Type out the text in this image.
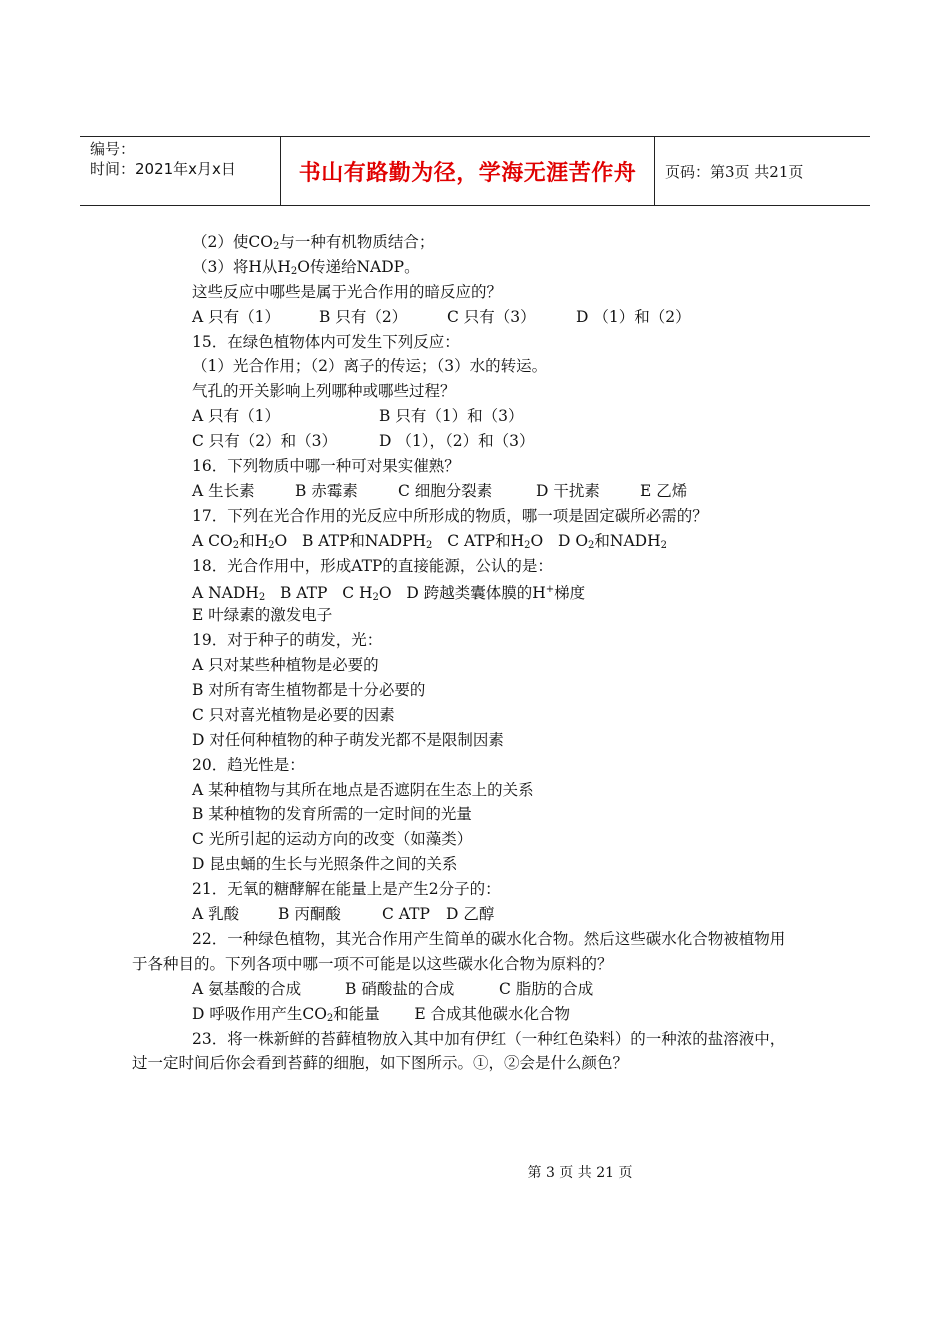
编号：
时间：2021年x月x日	书山有路勤为径，学海无涯苦作舟 页码：第3页 共21页
（2）使$CO_2$与一种有机物质结合；
（3）将H从$H_2O$传递给NADP。
这些反应中哪些是属于光合作用的暗反应的？
A 只有（1）	B 只有（2）	C 只有（3）	D （1）和（2）
15．在绿色植物体内可发生下列反应：
（1）光合作用；（2）离子的传运；（3）水的转运。
气孔的开关影响上列哪种或哪些过程？
A 只有（1）	B 只有（1）和（3）
C 只有（2）和（3）	D （1），（2）和（3）
16．下列物质中哪一种可对果实催熟？
A 生长素	B 赤霉素	C 细胞分裂素	D 干扰素	E 乙烯
17．下列在光合作用的光反应中所形成的物质，哪一项是固定碳所必需的？
A $CO_2$和$H_2O$ B ATP和$NADPH_2$ C ATP和$H_2O$ D $O_2$和$NADH_2$
18．光合作用中，形成ATP的直接能源，公认的是：
A $NADH_2$ B ATP C $H_2O$ D 跨越类囊体膜的H+梯度
E 叶绿素的激发电子
19．对于种子的萌发，光：
A 只对某些种植物是必要的
B 对所有寄生植物都是十分必要的
C 只对喜光植物是必要的因素
D 对任何种植物的种子萌发光都不是限制因素
20．趋光性是：
A 某种植物与其所在地点是否遮阴在生态上的关系
B 某种植物的发育所需的一定时间的光量
C 光所引起的运动方向的改变（如藻类）
D 昆虫蛹的生长与光照条件之间的关系
21．无氧的糖酵解在能量上是产生2分子的：
A 乳酸	B 丙酮酸	C ATP D 乙醇
22．一种绿色植物，其光合作用产生简单的碳水化合物。然后这些碳水化合物被植物用于各种目的。下列各项中哪一项不可能是以这些碳水化合物为原料的？
A 氨基酸的合成	B 硝酸盐的合成	C 脂肪的合成
D 呼吸作用产生$CO_2$和能量 E 合成其他碳水化合物
23．将一株新鲜的苔藓植物放入其中加有伊红（一种红色染料）的一种浓的盐溶液中，过一定时间后你会看到苔藓的细胞，如下图所示。①，②会是什么颜色？
第 3 页 共 21 页
